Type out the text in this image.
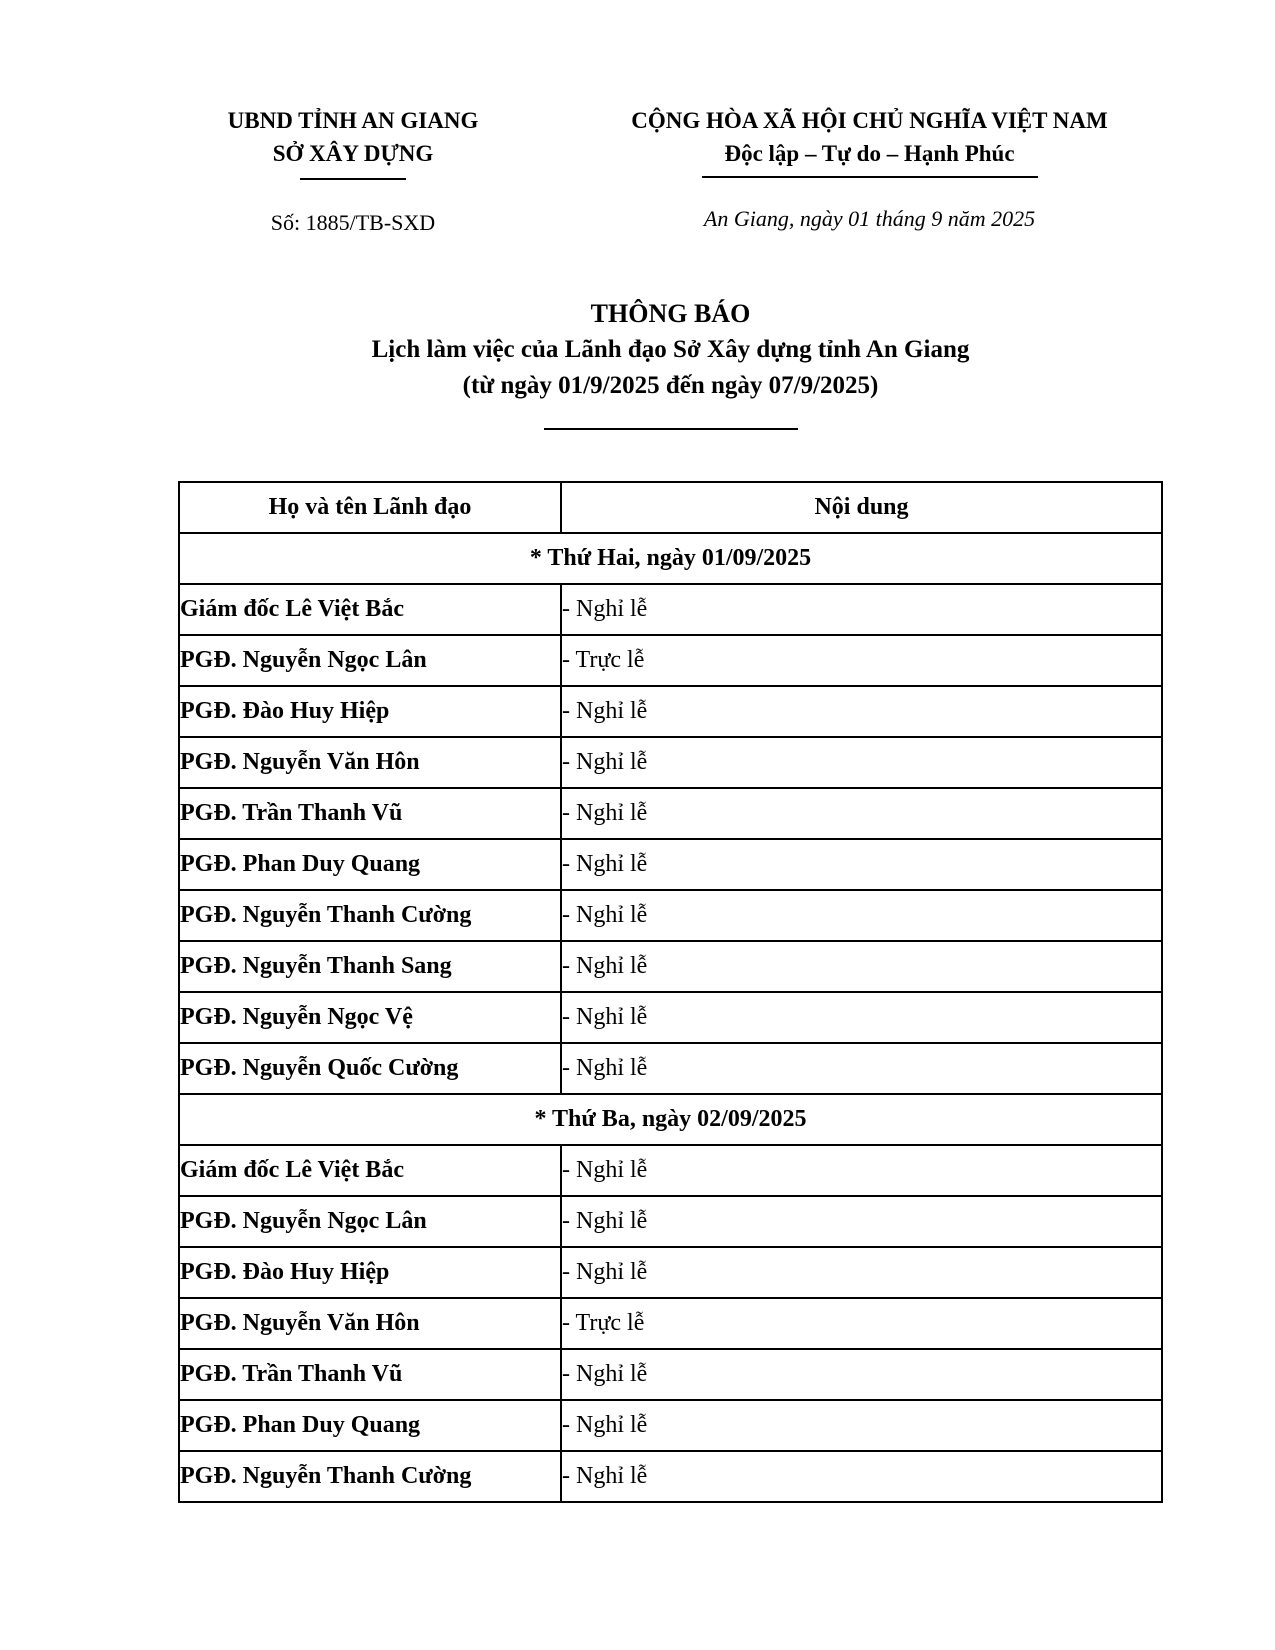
UBND TỈNH AN GIANG
SỞ XÂY DỰNG
Số: 1885/TB-SXD
CỘNG HÒA XÃ HỘI CHỦ NGHĨA VIỆT NAM
Độc lập – Tự do – Hạnh Phúc
An Giang, ngày 01 tháng 9 năm 2025
THÔNG BÁO
Lịch làm việc của Lãnh đạo Sở Xây dựng tỉnh An Giang
(từ ngày 01/9/2025 đến ngày 07/9/2025)
Họ và tên Lãnh đạo	Nội dung
* Thứ Hai, ngày 01/09/2025	
Giám đốc Lê Việt Bắc	- Nghỉ lễ
PGĐ. Nguyễn Ngọc Lân	- Trực lễ
PGĐ. Đào Huy Hiệp	- Nghỉ lễ
PGĐ. Nguyễn Văn Hôn	- Nghỉ lễ
PGĐ. Trần Thanh Vũ	- Nghỉ lễ
PGĐ. Phan Duy Quang	- Nghỉ lễ
PGĐ. Nguyễn Thanh Cường	- Nghỉ lễ
PGĐ. Nguyễn Thanh Sang	- Nghỉ lễ
PGĐ. Nguyễn Ngọc Vệ	- Nghỉ lễ
PGĐ. Nguyễn Quốc Cường	- Nghỉ lễ
* Thứ Ba, ngày 02/09/2025	
Giám đốc Lê Việt Bắc	- Nghỉ lễ
PGĐ. Nguyễn Ngọc Lân	- Nghỉ lễ
PGĐ. Đào Huy Hiệp	- Nghỉ lễ
PGĐ. Nguyễn Văn Hôn	- Trực lễ
PGĐ. Trần Thanh Vũ	- Nghỉ lễ
PGĐ. Phan Duy Quang	- Nghỉ lễ
PGĐ. Nguyễn Thanh Cường	- Nghỉ lễ
